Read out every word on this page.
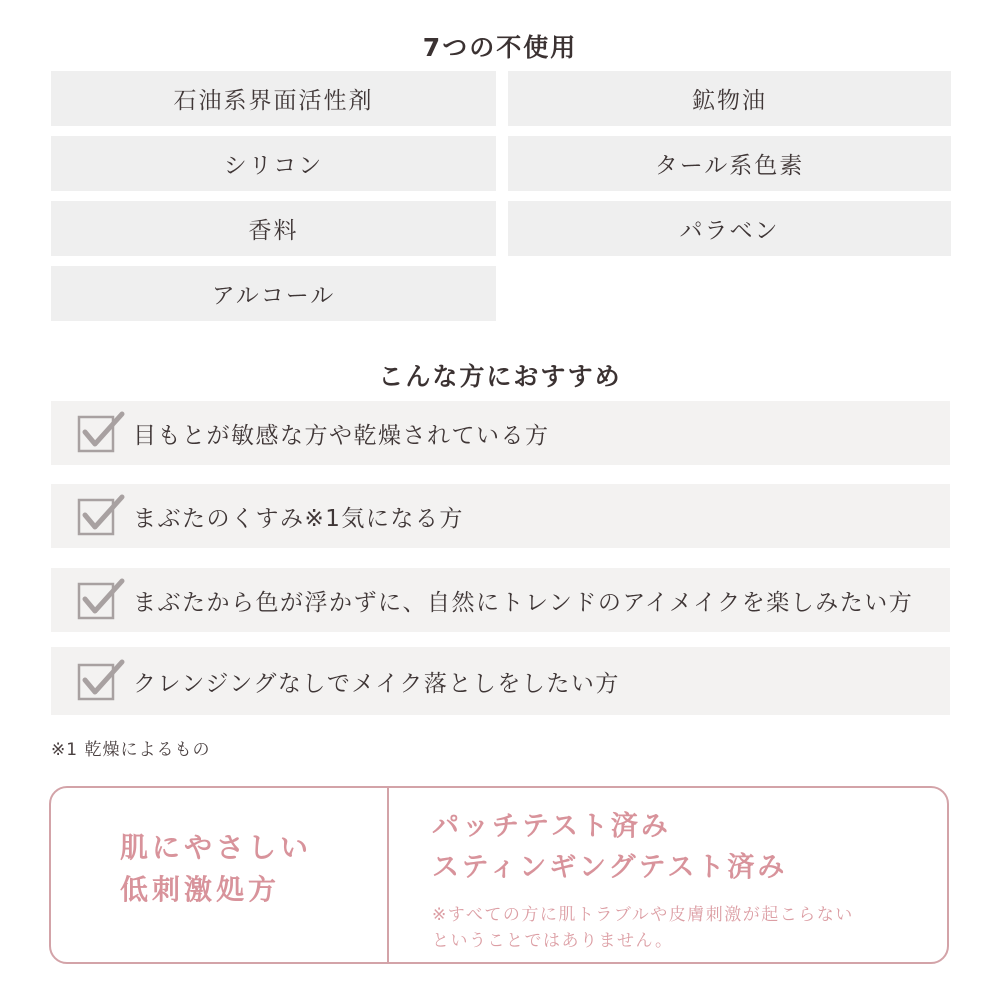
7つの不使用
石油系界面活性剤	鉱物油
シリコン	タール系色素
香料	パラベン
アルコール
こんな方におすすめ
目もとが敏感な方や乾燥されている方
まぶたのくすみ※1気になる方
まぶたから色が浮かずに、自然にトレンドのアイメイクを楽しみたい方
クレンジングなしでメイク落としをしたい方
※1 乾燥によるもの
肌にやさしい
低刺激処方
パッチテスト済み
スティンギングテスト済み
※すべての方に肌トラブルや皮膚刺激が起こらない
ということではありません。
